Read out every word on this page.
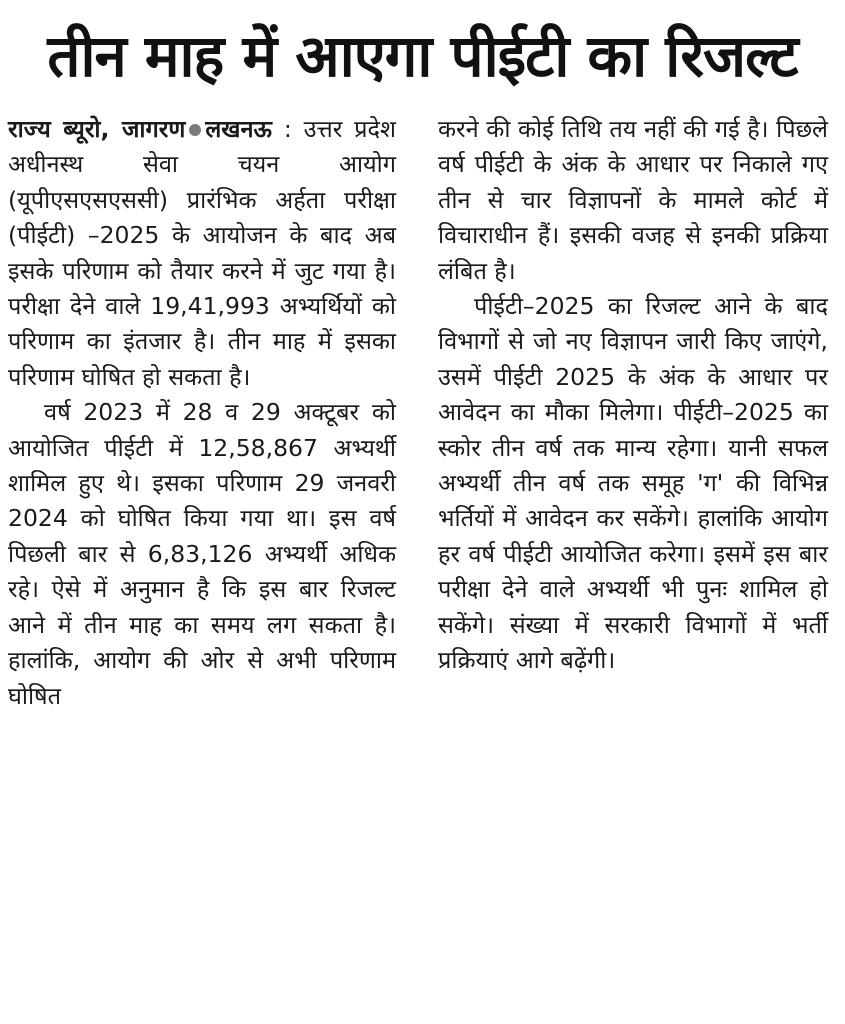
तीन माह में आएगा पीईटी का रिजल्ट

राज्य ब्यूरो, जागरण लखनऊ : उत्तर प्रदेश अधीनस्थ सेवा चयन आयोग (यूपीएसएसएससी) प्रारंभिक अर्हता परीक्षा (पीईटी) –2025 के आयोजन के बाद अब इसके परिणाम को तैयार करने में जुट गया है। परीक्षा देने वाले 19,41,993 अभ्यर्थियों को परिणाम का इंतजार है। तीन माह में इसका परिणाम घोषित हो सकता है।

वर्ष 2023 में 28 व 29 अक्टूबर को आयोजित पीईटी में 12,58,867 अभ्यर्थी शामिल हुए थे। इसका परिणाम 29 जनवरी 2024 को घोषित किया गया था। इस वर्ष पिछली बार से 6,83,126 अभ्यर्थी अधिक रहे। ऐसे में अनुमान है कि इस बार रिजल्ट आने में तीन माह का समय लग सकता है। हालांकि, आयोग की ओर से अभी परिणाम घोषित

करने की कोई तिथि तय नहीं की गई है। पिछले वर्ष पीईटी के अंक के आधार पर निकाले गए तीन से चार विज्ञापनों के मामले कोर्ट में विचाराधीन हैं। इसकी वजह से इनकी प्रक्रिया लंबित है।

पीईटी–2025 का रिजल्ट आने के बाद विभागों से जो नए विज्ञापन जारी किए जाएंगे, उसमें पीईटी 2025 के अंक के आधार पर आवेदन का मौका मिलेगा। पीईटी–2025 का स्कोर तीन वर्ष तक मान्य रहेगा। यानी सफल अभ्यर्थी तीन वर्ष तक समूह 'ग' की विभिन्न भर्तियों में आवेदन कर सकेंगे। हालांकि आयोग हर वर्ष पीईटी आयोजित करेगा। इसमें इस बार परीक्षा देने वाले अभ्यर्थी भी पुनः शामिल हो सकेंगे। संख्या में सरकारी विभागों में भर्ती प्रक्रियाएं आगे बढ़ेंगी।
